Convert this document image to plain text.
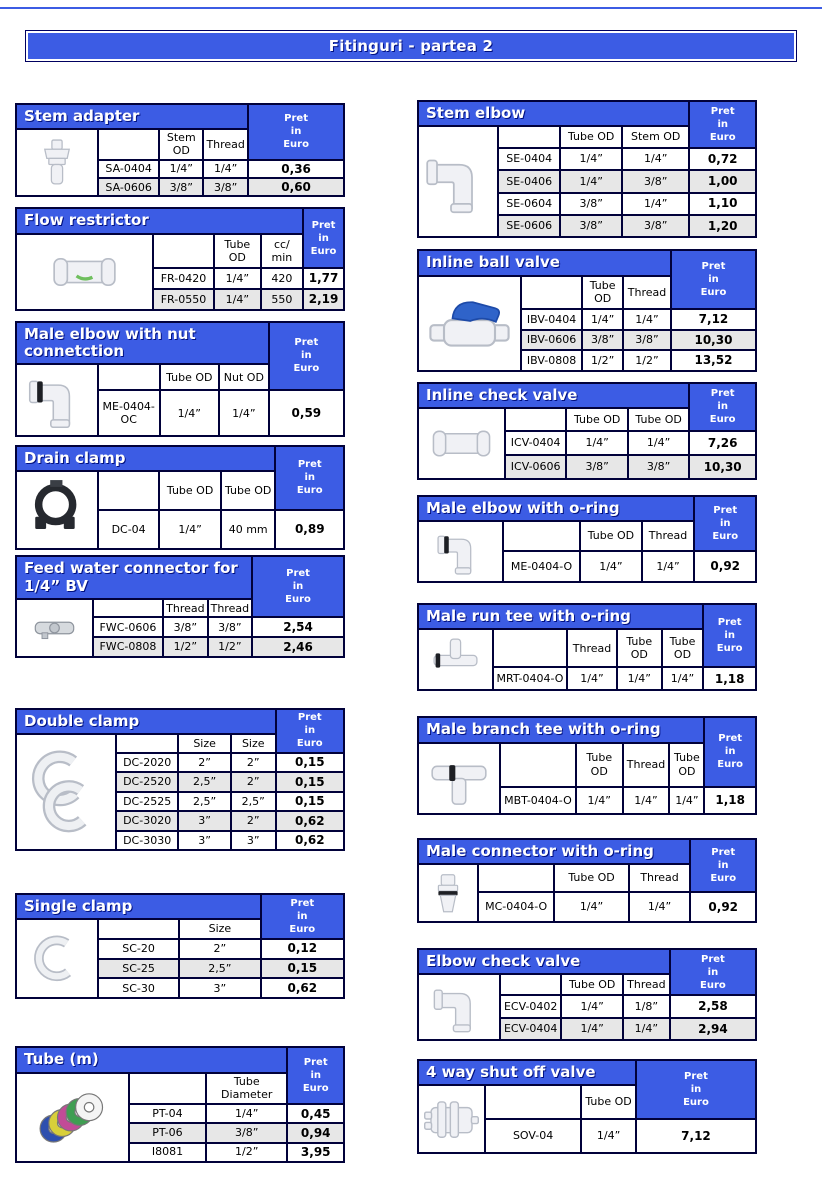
Fitinguri - partea 2
Stem adapter				Pret in Euro

		Stem OD	Thread	
	SA-0404	1/4”	1/4”	0,36
	SA-0606	3/8”	3/8”	0,60
Flow restrictor				Pret in Euro

		Tube OD	cc/ min	
	FR-0420	1/4”	420	1,77
	FR-0550	1/4”	550	2,19
Male elbow with nut connetction				Pret in Euro

		Tube OD	Nut OD	
	ME-0404-OC	1/4”	1/4”	0,59
Drain clamp				Pret in Euro

		Tube OD	Tube OD	
	DC-04	1/4”	40 mm	0,89
Feed water connector for 1/4” BV				Pret in Euro

		Thread	Thread	
	FWC-0606	3/8”	3/8”	2,54
	FWC-0808	1/2”	1/2”	2,46
Double clamp				Pret in Euro

		Size	Size	
	DC-2020	2”	2”	0,15
	DC-2520	2,5”	2”	0,15
	DC-2525	2,5”	2,5”	0,15
	DC-3020	3”	2”	0,62
	DC-3030	3”	3”	0,62
Single clamp			Pret in Euro

		Size	
	SC-20	2”	0,12
	SC-25	2,5”	0,15
	SC-30	3”	0,62
Tube (m)			Pret in Euro

		Tube Diameter	
	PT-04	1/4”	0,45
	PT-06	3/8”	0,94
	I8081	1/2”	3,95
Stem elbow				Pret in Euro

		Tube OD	Stem OD	
	SE-0404	1/4”	1/4”	0,72
	SE-0406	1/4”	3/8”	1,00
	SE-0604	3/8”	1/4”	1,10
	SE-0606	3/8”	3/8”	1,20
Inline ball valve				Pret in Euro

		Tube OD	Thread	
	IBV-0404	1/4”	1/4”	7,12
	IBV-0606	3/8”	3/8”	10,30
	IBV-0808	1/2”	1/2”	13,52
Inline check valve				Pret in Euro

		Tube OD	Tube OD	
	ICV-0404	1/4”	1/4”	7,26
	ICV-0606	3/8”	3/8”	10,30
Male elbow with o-ring				Pret in Euro

		Tube OD	Thread	
	ME-0404-O	1/4”	1/4”	0,92
Male run tee with o-ring					Pret in Euro

		Thread	Tube OD	Tube OD	
	MRT-0404-O	1/4”	1/4”	1/4”	1,18
Male branch tee with o-ring					Pret in Euro

		Tube OD	Thread	Tube OD	
	MBT-0404-O	1/4”	1/4”	1/4”	1,18
Male connector with o-ring				Pret in Euro

		Tube OD	Thread	
	MC-0404-O	1/4”	1/4”	0,92
Elbow check valve				Pret in Euro

		Tube OD	Thread	
	ECV-0402	1/4”	1/8”	2,58
	ECV-0404	1/4”	1/4”	2,94
4 way shut off valve			Pret in Euro

		Tube OD	
	SOV-04	1/4”	7,12
